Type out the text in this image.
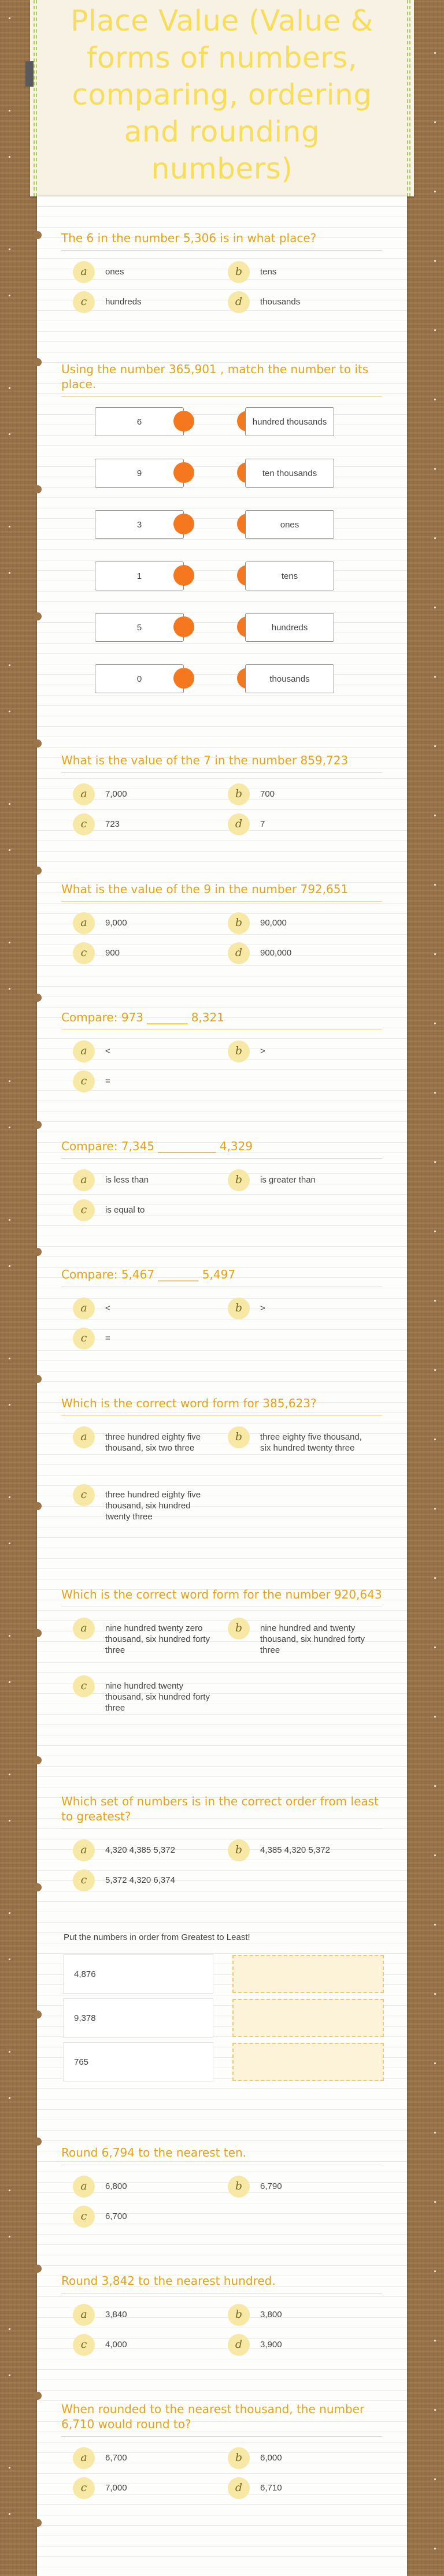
Place Value (Value & forms of numbers, comparing, ordering and rounding numbers)
The 6 in the number 5,306 is in what place?
a	ones	b	tens
c	hundreds	d	thousands
Using the number 365,901 , match the number to its place.
6	hundred thousands
9	ten thousands
3	ones
1	tens
5	hundreds
0	thousands
What is the value of the 7 in the number 859,723
a	7,000	b	700
c	723	d	7
What is the value of the 9 in the number 792,651
a	9,000	b	90,000
c	900	d	900,000
Compare: 973 _______ 8,321
a	<	b	>
c	=
Compare: 7,345 __________ 4,329
a	is less than	b	is greater than
c	is equal to
Compare: 5,467 _______ 5,497
a	<	b	>
c	=
Which is the correct word form for 385,623?
a	three hundred eighty five thousand, six two three
b	three eighty five thousand, six hundred twenty three
c	three hundred eighty five thousand, six hundred twenty three
Which is the correct word form for the number 920,643
a	nine hundred twenty zero thousand, six hundred forty three
b	nine hundred and twenty thousand, six hundred forty three
c	nine hundred twenty thousand, six hundred forty three
Which set of numbers is in the correct order from least to greatest?
a	4,320 4,385 5,372	b	4,385 4,320 5,372
c	5,372 4,320 6,374
Put the numbers in order from Greatest to Least!
4,876
9,378
765
Round 6,794 to the nearest ten.
a	6,800	b	6,790
c	6,700
Round 3,842 to the nearest hundred.
a	3,840	b	3,800
c	4,000	d	3,900
When rounded to the nearest thousand, the number 6,710 would round to?
a	6,700	b	6,000
c	7,000	d	6,710
